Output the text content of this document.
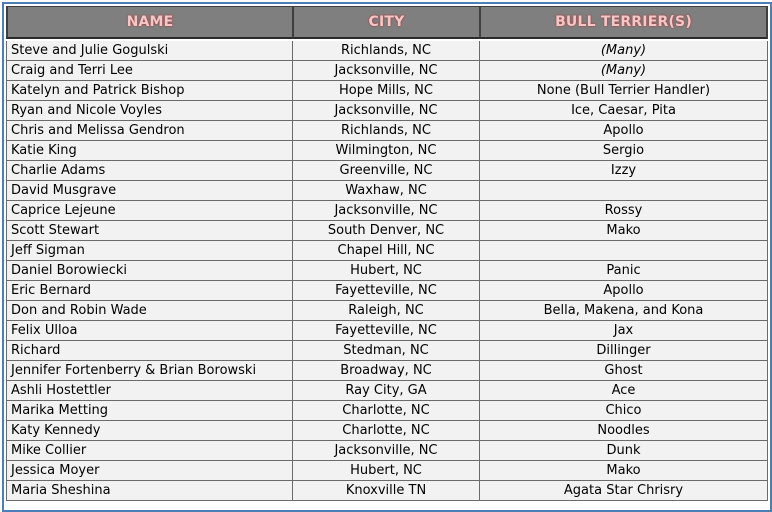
NAME	CITY	BULL TERRIER(S)

Steve and Julie Gogulski	Richlands, NC	(Many)
Craig and Terri Lee	Jacksonville, NC	(Many)
Katelyn and Patrick Bishop	Hope Mills, NC	None (Bull Terrier Handler)
Ryan and Nicole Voyles	Jacksonville, NC	Ice, Caesar, Pita
Chris and Melissa Gendron	Richlands, NC	Apollo
Katie King	Wilmington, NC	Sergio
Charlie Adams	Greenville, NC	Izzy
David Musgrave	Waxhaw, NC	
Caprice Lejeune	Jacksonville, NC	Rossy
Scott Stewart	South Denver, NC	Mako
Jeff Sigman	Chapel Hill, NC	
Daniel Borowiecki	Hubert, NC	Panic
Eric Bernard	Fayetteville, NC	Apollo
Don and Robin Wade	Raleigh, NC	Bella, Makena, and Kona
Felix Ulloa	Fayetteville, NC	Jax
Richard	Stedman, NC	Dillinger
Jennifer Fortenberry & Brian Borowski	Broadway, NC	Ghost
Ashli Hostettler	Ray City, GA	Ace
Marika Metting	Charlotte, NC	Chico
Katy Kennedy	Charlotte, NC	Noodles
Mike Collier	Jacksonville, NC	Dunk
Jessica Moyer	Hubert, NC	Mako
Maria Sheshina	Knoxville TN	Agata Star Chrisry
